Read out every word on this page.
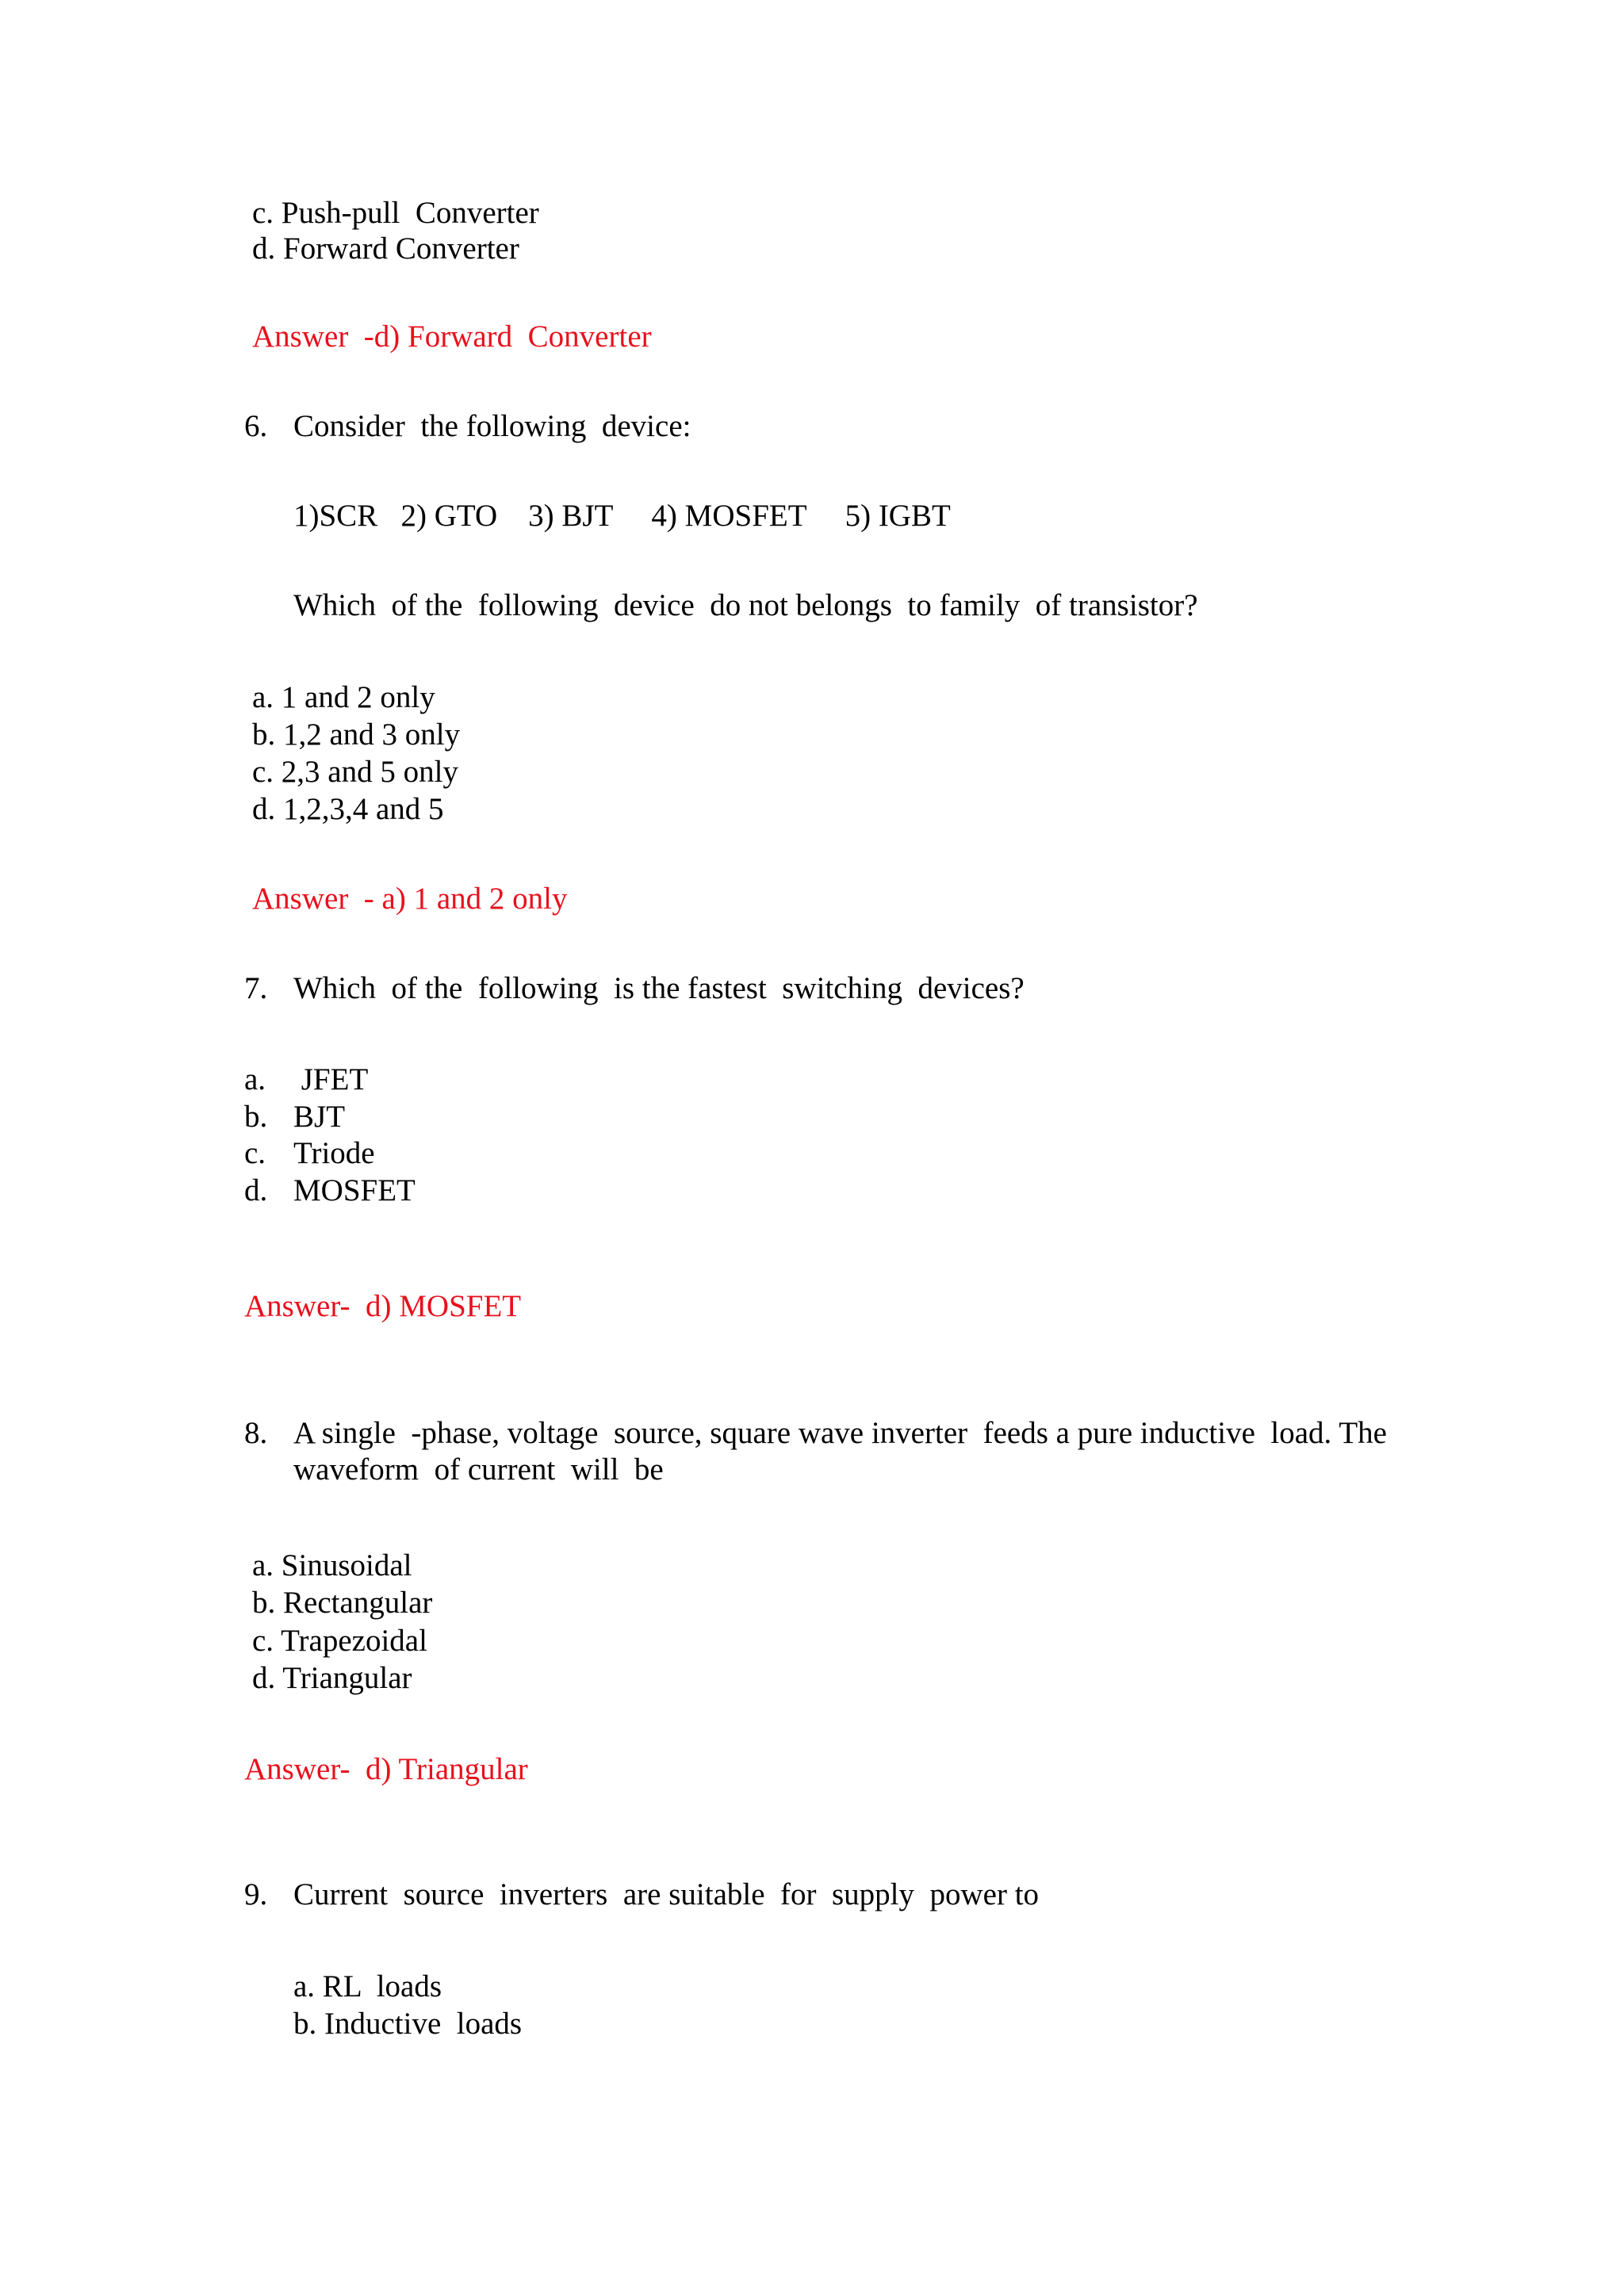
c. Push-pull  Converter

d. Forward Converter

Answer  -d) Forward  Converter

6. Consider  the following  device:

1)SCR   2) GTO    3) BJT     4) MOSFET     5) IGBT

Which  of the  following  device  do not belongs  to family  of transistor?

a. 1 and 2 only

b. 1,2 and 3 only

c. 2,3 and 5 only

d. 1,2,3,4 and 5

Answer  - a) 1 and 2 only

7. Which  of the  following  is the fastest  switching  devices?

a. JFET

b. BJT

c. Triode

d. MOSFET

Answer-  d) MOSFET

8. A single  -phase, voltage  source, square wave inverter  feeds a pure inductive  load. The

waveform  of current  will  be

a. Sinusoidal

b. Rectangular

c. Trapezoidal

d. Triangular

Answer-  d) Triangular

9. Current  source  inverters  are suitable  for  supply  power to

a. RL  loads

b. Inductive  loads
